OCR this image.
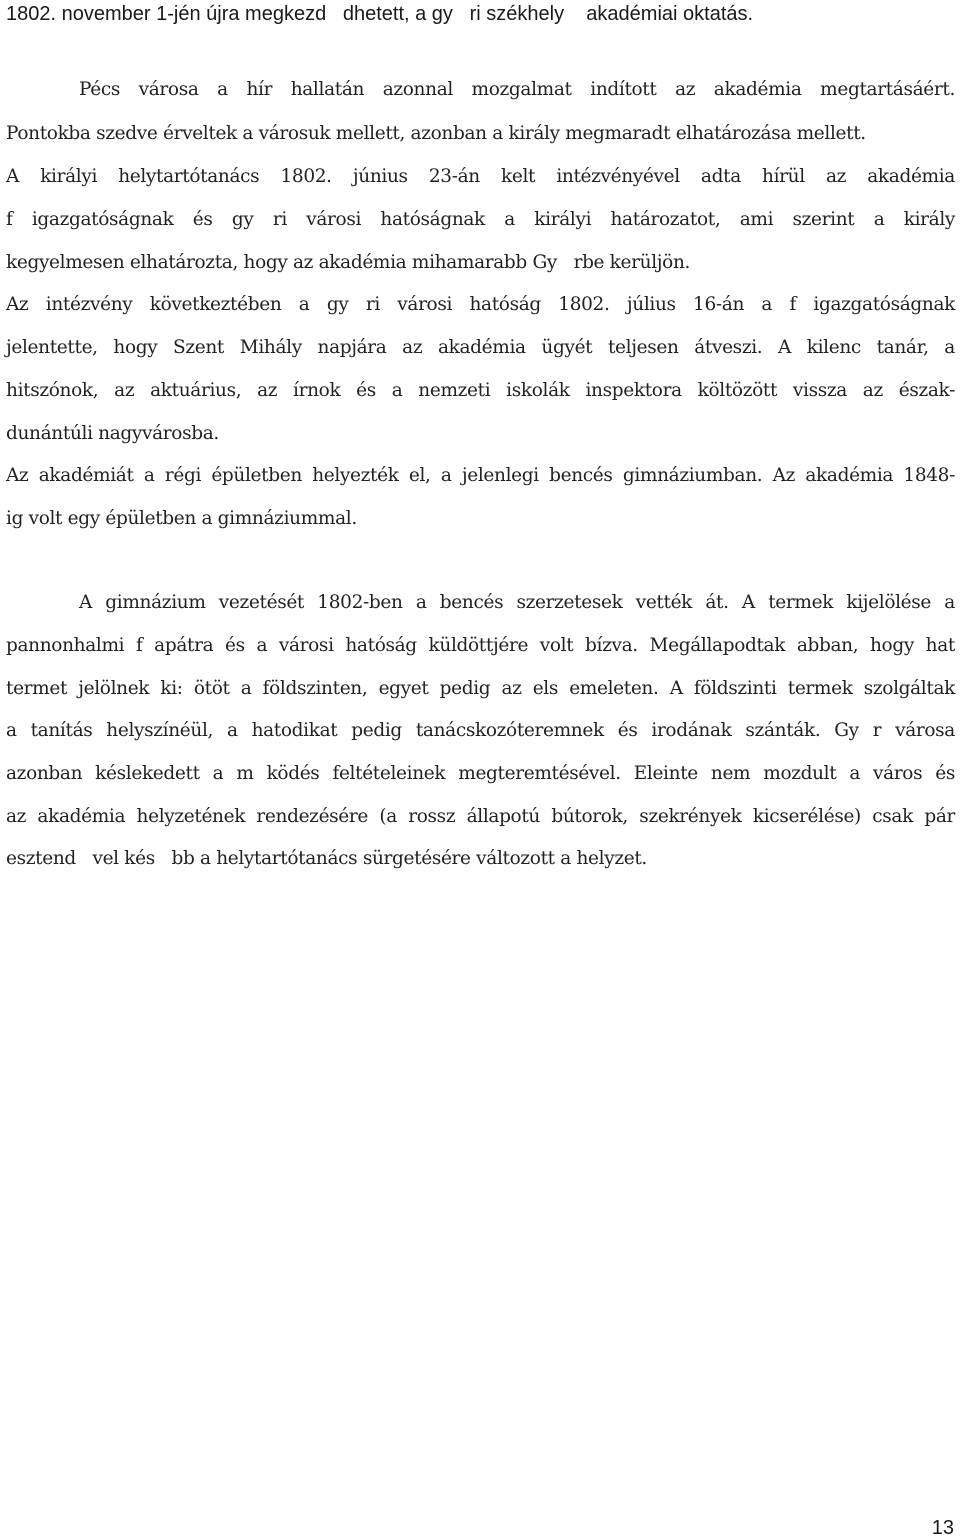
1802. november 1-jén újra megkezd   dhetett, a gy   ri székhely    akadémiai oktatás.
Pécs városa a hír hallatán azonnal mozgalmat indított az akadémia megtartásáért.
Pontokba szedve érveltek a városuk mellett, azonban a király megmaradt elhatározása mellett.
A királyi helytartótanács 1802. június 23-án kelt intézvényével adta hírül az akadémia
f igazgatóságnak és gy ri városi hatóságnak a királyi határozatot, ami szerint a király
kegyelmesen elhatározta, hogy az akadémia mihamarabb Gy   rbe kerüljön.
Az intézvény következtében a gy ri városi hatóság 1802. július 16-án a f igazgatóságnak
jelentette, hogy Szent Mihály napjára az akadémia ügyét teljesen átveszi. A kilenc tanár, a
hitszónok, az aktuárius, az írnok és a nemzeti iskolák inspektora költözött vissza az észak-
dunántúli nagyvárosba.
Az akadémiát a régi épületben helyezték el, a jelenlegi bencés gimnáziumban. Az akadémia 1848-
ig volt egy épületben a gimnáziummal.
A gimnázium vezetését 1802-ben a bencés szerzetesek vették át. A termek kijelölése a
pannonhalmi f apátra és a városi hatóság küldöttjére volt bízva. Megállapodtak abban, hogy hat
termet jelölnek ki: ötöt a földszinten, egyet pedig az els emeleten. A földszinti termek szolgáltak
a tanítás helyszínéül, a hatodikat pedig tanácskozóteremnek és irodának szánták. Gy r városa
azonban késlekedett a m ködés feltételeinek megteremtésével. Eleinte nem mozdult a város és
az akadémia helyzetének rendezésére (a rossz állapotú bútorok, szekrények kicserélése) csak pár
esztend   vel kés   bb a helytartótanács sürgetésére változott a helyzet.
13
